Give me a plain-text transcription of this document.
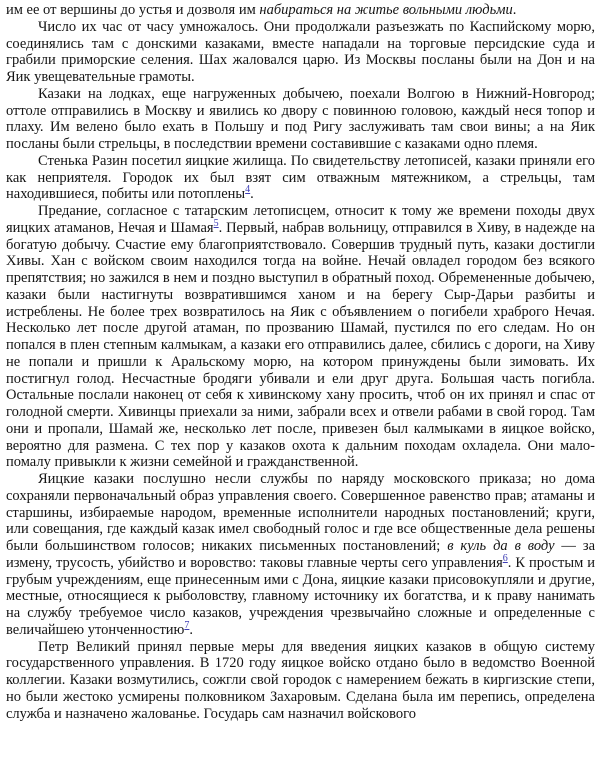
им ее от вершины до устья и дозволя им набираться на житье вольными людьми.

Число их час от часу умножалось. Они продолжали разъезжать по Каспийскому морю, соединялись там с донскими казаками, вместе нападали на торговые персидские суда и грабили приморские селения. Шах жаловался царю. Из Москвы посланы были на Дон и на Яик увещевательные грамоты.

Казаки на лодках, еще нагруженных добычею, поехали Волгою в Нижний-Новгород; оттоле отправились в Москву и явились ко двору с повинною головою, каждый неся топор и плаху. Им велено было ехать в Польшу и под Ригу заслуживать там свои вины; а на Яик посланы были стрельцы, в последствии времени составившие с казаками одно племя.

Стенька Разин посетил яицкие жилища. По свидетельству летописей, казаки приняли его как неприятеля. Городок их был взят сим отважным мятежником, а стрельцы, там находившиеся, побиты или потоплены$^4$.

Предание, согласное с татарским летописцем, относит к тому же времени походы двух яицких атаманов, Нечая и Шамая$^5$. Первый, набрав вольницу, отправился в Хиву, в надежде на богатую добычу. Счастие ему благоприятствовало. Совершив трудный путь, казаки достигли Хивы. Хан с войском своим находился тогда на войне. Нечай овладел городом без всякого препятствия; но зажился в нем и поздно выступил в обратный поход. Обремененные добычею, казаки были настигнуты возвратившимся ханом и на берегу Сыр-Дарьи разбиты и истреблены. Не более трех возвратилось на Яик с объявлением о погибели храброго Нечая. Несколько лет после другой атаман, по прозванию Шамай, пустился по его следам. Но он попался в плен степным калмыкам, а казаки его отправились далее, сбились с дороги, на Хиву не попали и пришли к Аральскому морю, на котором принуждены были зимовать. Их постигнул голод. Несчастные бродяги убивали и ели друг друга. Большая часть погибла. Остальные послали наконец от себя к хивинскому хану просить, чтоб он их принял и спас от голодной смерти. Хивинцы приехали за ними, забрали всех и отвели рабами в свой город. Там они и пропали, Шамай же, несколько лет после, привезен был калмыками в яицкое войско, вероятно для размена. С тех пор у казаков охота к дальним походам охладела. Они мало-помалу привыкли к жизни семейной и гражданственной.

Яицкие казаки послушно несли службы по наряду московского приказа; но дома сохраняли первоначальный образ управления своего. Совершенное равенство прав; атаманы и старшины, избираемые народом, временные исполнители народных постановлений; круги, или совещания, где каждый казак имел свободный голос и где все общественные дела решены были большинством голосов; никаких письменных постановлений; в куль да в воду — за измену, трусость, убийство и воровство: таковы главные черты сего управления$^6$. К простым и грубым учреждениям, еще принесенным ими с Дона, яицкие казаки присовокупляли и другие, местные, относящиеся к рыболовству, главному источнику их богатства, и к праву нанимать на службу требуемое число казаков, учреждения чрезвычайно сложные и определенные с величайшею утонченностию$^7$.

Петр Великий принял первые меры для введения яицких казаков в общую систему государственного управления. В 1720 году яицкое войско отдано было в ведомство Военной коллегии. Казаки возмутились, сожгли свой городок с намерением бежать в киргизские степи, но были жестоко усмирены полковником Захаровым. Сделана была им перепись, определена служба и назначено жалованье. Государь сам назначил войскового
